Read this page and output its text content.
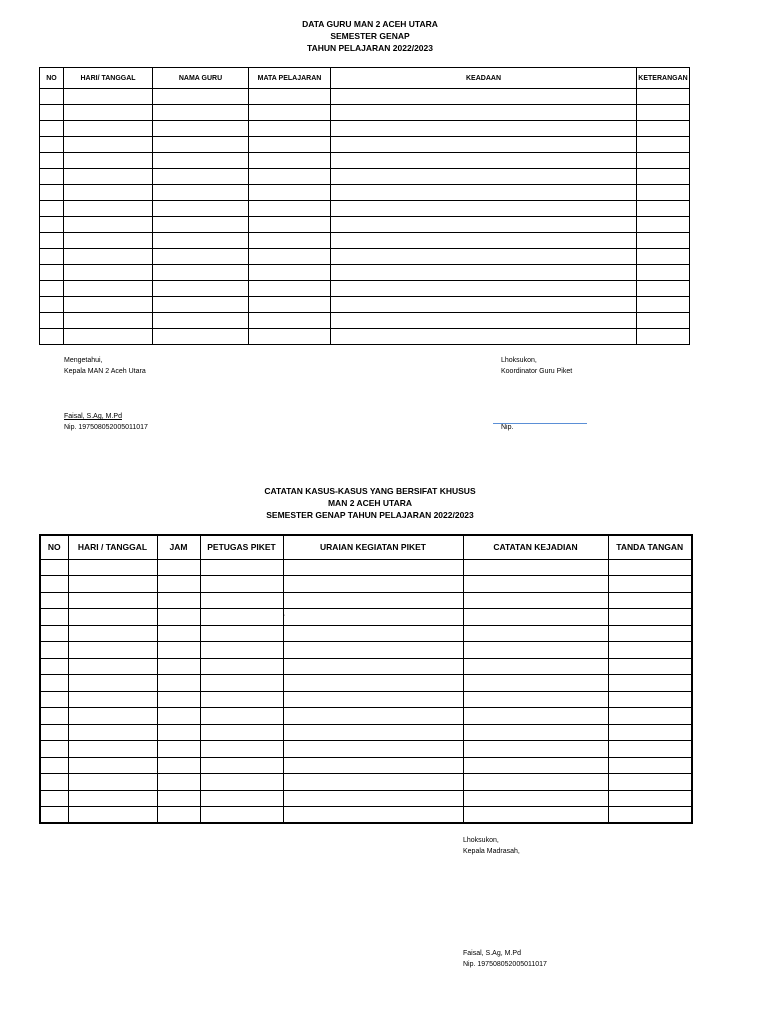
DATA GURU MAN 2 ACEH UTARA
SEMESTER GENAP
TAHUN PELAJARAN 2022/2023
NO	HARI/ TANGGAL	NAMA GURU	MATA PELAJARAN	KEADAAN	KETERANGAN

Mengetahui,
Kepala MAN 2 Aceh Utara
Faisal, S.Ag, M.Pd
Nip. 197508052005011017
Lhoksukon,
Koordinator Guru Piket
Nip.
CATATAN KASUS-KASUS YANG BERSIFAT KHUSUS
MAN 2 ACEH UTARA
SEMESTER GENAP TAHUN PELAJARAN 2022/2023
NO	HARI / TANGGAL	JAM	PETUGAS PIKET	URAIAN KEGIATAN PIKET	CATATAN KEJADIAN	TANDA TANGAN

·
Lhoksukon,
Kepala Madrasah,
Faisal, S.Ag, M.Pd
Nip. 197508052005011017
